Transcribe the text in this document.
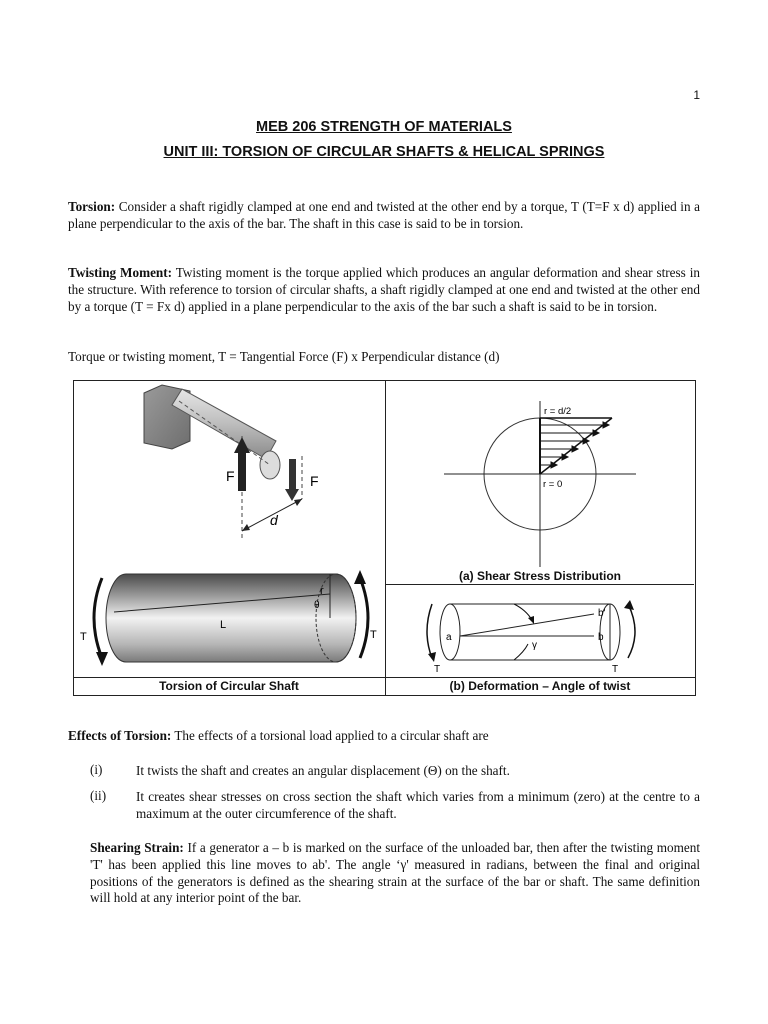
1
MEB 206 STRENGTH OF MATERIALS
UNIT III: TORSION OF CIRCULAR SHAFTS & HELICAL SPRINGS
Torsion: Consider a shaft rigidly clamped at one end and twisted at the other end by a torque, T (T=F x d) applied in a plane perpendicular to the axis of the bar. The shaft in this case is said to be in torsion.
Twisting Moment: Twisting moment is the torque applied which produces an angular deformation and shear stress in the structure. With reference to torsion of circular shafts, a shaft rigidly clamped at one end and twisted at the other end by a torque (T = Fx d) applied in a plane perpendicular to the axis of the bar such a shaft is said to be in torsion.
Torque or twisting moment, T = Tangential Force (F) x Perpendicular distance (d)
F	F
d
r = d/2
r = 0
(a) Shear Stress Distribution
r
θ
L
T	T	a	b
b'
γ
T	T
Torsion of Circular Shaft	(b) Deformation – Angle of twist
Effects of Torsion: The effects of a torsional load applied to a circular shaft are
(i)	It twists the shaft and creates an angular displacement (Θ) on the shaft.
(ii) It creates shear stresses on cross section the shaft which varies from a minimum (zero) at the centre to a maximum at the outer circumference of the shaft.
Shearing Strain: If a generator a – b is marked on the surface of the unloaded bar, then after the twisting moment 'T' has been applied this line moves to ab'. The angle ‘γ' measured in radians, between the final and original positions of the generators is defined as the shearing strain at the surface of the bar or shaft. The same definition will hold at any interior point of the bar.
